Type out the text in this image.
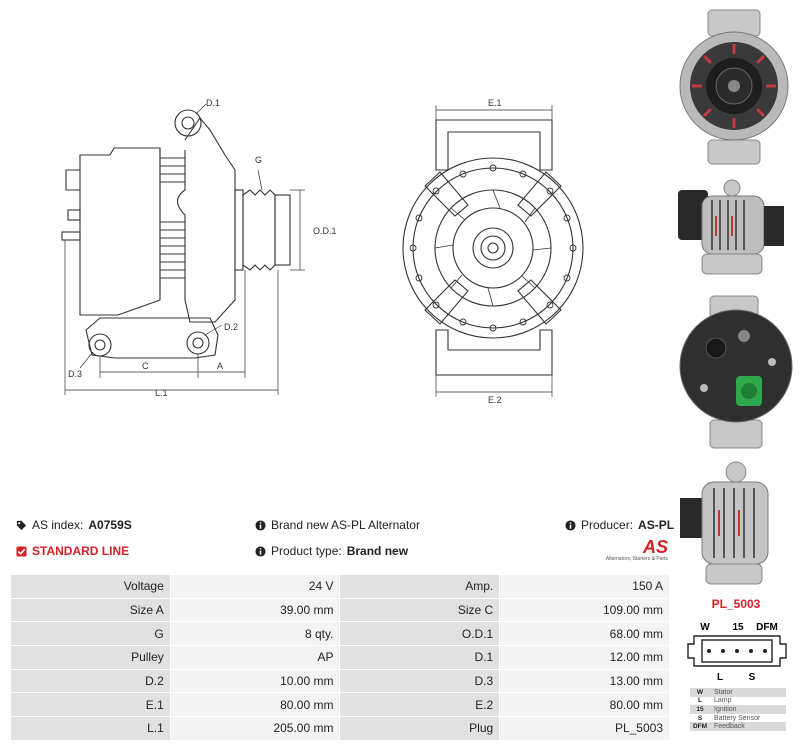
D.1
G
O.D.1
D.2
D.3
C	A
L.1
E.1
E.2
AS index: A0759S
STANDARD LINE
Brand new AS-PL Alternator
Product type: Brand new
Producer: AS-PL
AS
Alternators, Starters & Parts
Voltage	24 V	Amp.	150 A
Size A	39.00 mm	Size C	109.00 mm
G	8 qty.	O.D.1	68.00 mm
Pulley	AP	D.1	12.00 mm
D.2	10.00 mm	D.3	13.00 mm
E.1	80.00 mm	E.2	80.00 mm
L.1	205.00 mm	Plug	PL_5003
PL_5003
W 15 DFM
L	S
W	Stator
L	Lamp
15	Ignition
S	Battery Sensor
DFM Feedback
